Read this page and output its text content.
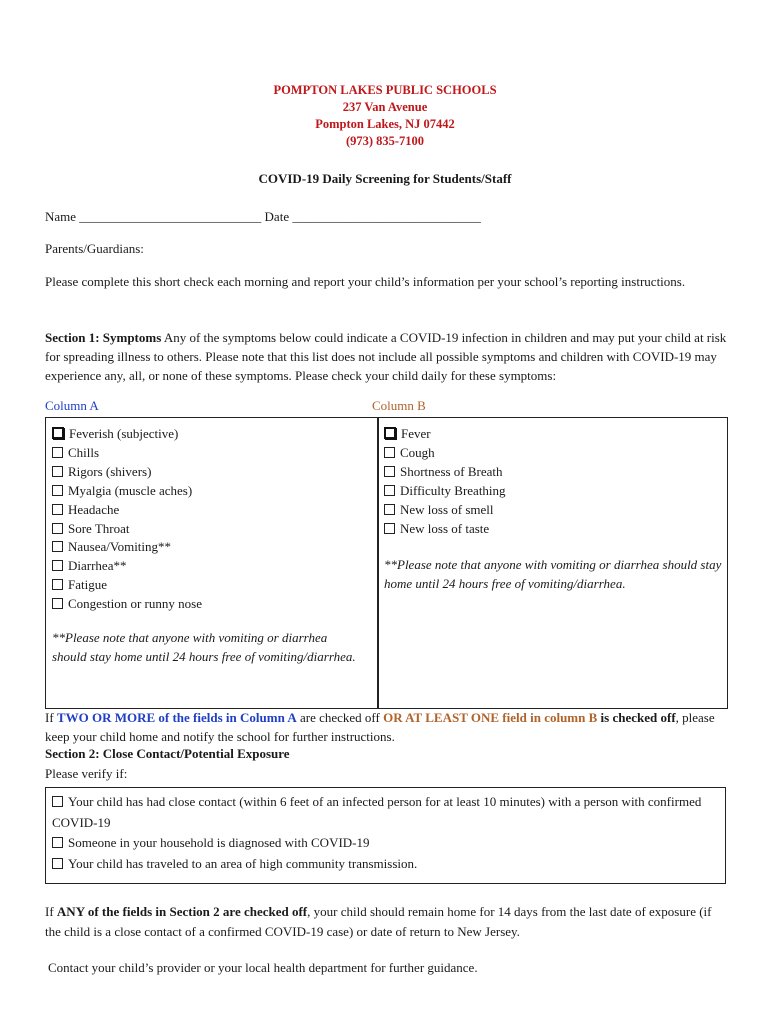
POMPTON LAKES PUBLIC SCHOOLS
237 Van Avenue
Pompton Lakes, NJ 07442
(973) 835-7100
COVID-19 Daily Screening for Students/Staff
Name ____________________________ Date _____________________________
Parents/Guardians:
Please complete this short check each morning and report your child’s information per your school’s reporting instructions.
Section 1: Symptoms Any of the symptoms below could indicate a COVID-19 infection in children and may put your child at risk for spreading illness to others. Please note that this list does not include all possible symptoms and children with COVID-19 may experience any, all, or none of these symptoms. Please check your child daily for these symptoms:
Column A	Column B
Feverish (subjective)
Chills
Rigors (shivers)
Myalgia (muscle aches)
Headache
Sore Throat
Nausea/Vomiting**
Diarrhea**
Fatigue
Congestion or runny nose
**Please note that anyone with vomiting or diarrhea should stay home until 24 hours free of vomiting/diarrhea.
Fever
Cough
Shortness of Breath
Difficulty Breathing
New loss of smell
New loss of taste
**Please note that anyone with vomiting or diarrhea should stay home until 24 hours free of vomiting/diarrhea.
If TWO OR MORE of the fields in Column A are checked off OR AT LEAST ONE field in column B is checked off, please keep your child home and notify the school for further instructions.
Section 2: Close Contact/Potential Exposure
Please verify if:
Your child has had close contact (within 6 feet of an infected person for at least 10 minutes) with a person with confirmed COVID-19
Someone in your household is diagnosed with COVID-19
Your child has traveled to an area of high community transmission.
If ANY of the fields in Section 2 are checked off, your child should remain home for 14 days from the last date of exposure (if the child is a close contact of a confirmed COVID-19 case) or date of return to New Jersey.
Contact your child’s provider or your local health department for further guidance.
